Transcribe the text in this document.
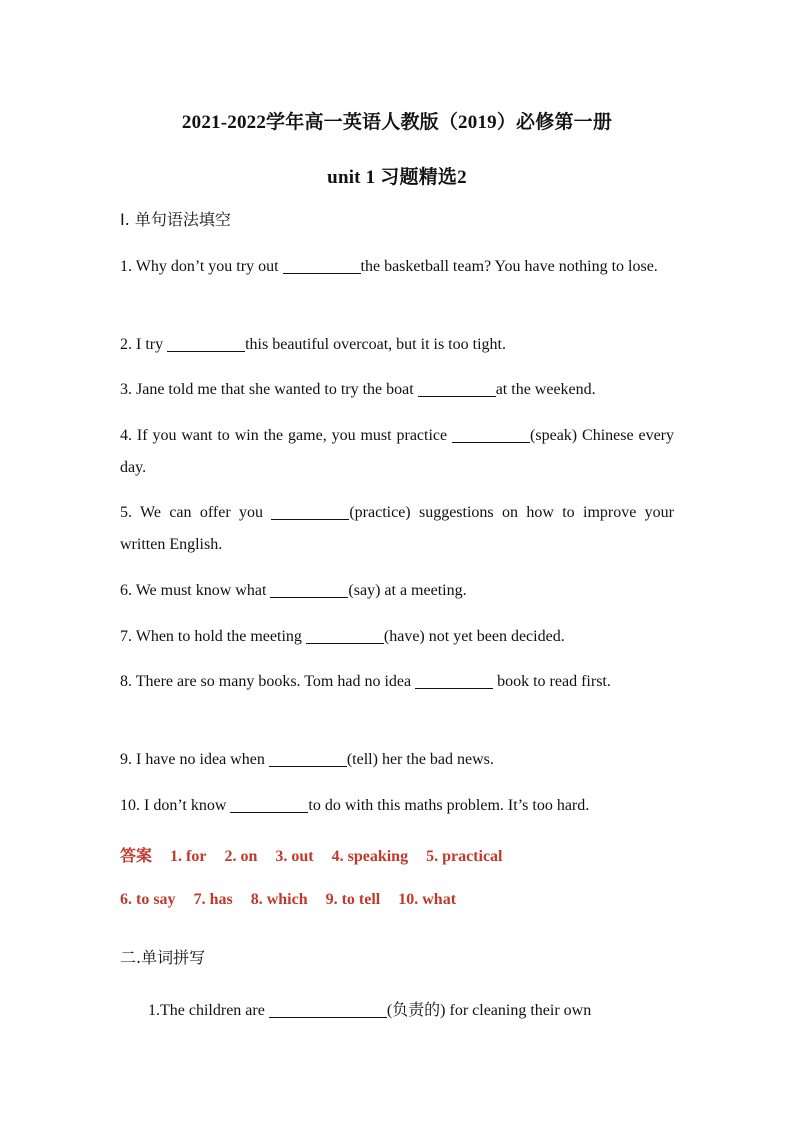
2021-2022学年高一英语人教版（2019）必修第一册
unit 1 习题精选2
Ⅰ. 单句语法填空
1. Why don’t you try out	the basketball team? You have nothing to lose.
2. I try	this beautiful overcoat, but it is too tight.
3. Jane told me that she wanted to try the boat	at the weekend.
4. If you want to win the game, you must practice	(speak) Chinese every day.
5. We can offer you	(practice) suggestions on how to improve your written English.
6. We must know what	(say) at a meeting.
7. When to hold the meeting	(have) not yet been decided.
8. There are so many books. Tom had no idea	book to read first.
9. I have no idea when	(tell) her the bad news.
10. I don’t know	to do with this maths problem. It’s too hard.
答案 1. for 2. on 3. out 4. speaking 5. practical
6. to say 7. has 8. which 9. to tell 10. what
二.单词拼写
1.The children are	(负责的) for cleaning their own
